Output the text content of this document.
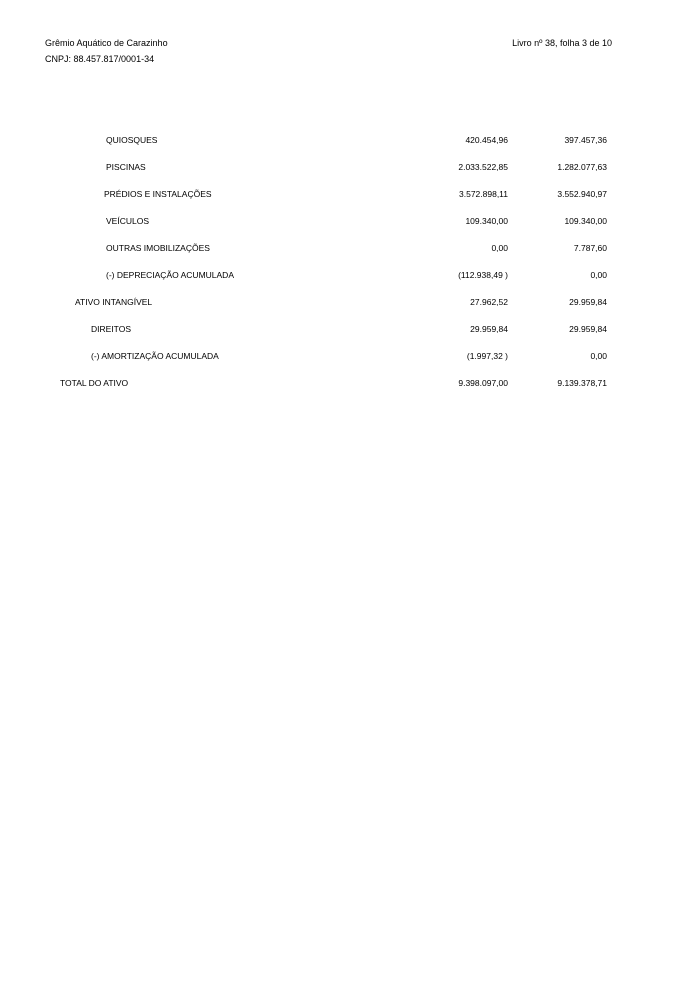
Grêmio Aquático de Carazinho
CNPJ: 88.457.817/0001-34
Livro nº 38, folha 3 de 10
QUIOSQUES	420.454,96	397.457,36
PISCINAS	2.033.522,85	1.282.077,63
PRÉDIOS E INSTALAÇÕES	3.572.898,11	3.552.940,97
VEÍCULOS	109.340,00	109.340,00
OUTRAS IMOBILIZAÇÕES	0,00	7.787,60
(-) DEPRECIAÇÃO ACUMULADA	(112.938,49 )	0,00
ATIVO INTANGÍVEL	27.962,52	29.959,84
DIREITOS	29.959,84	29.959,84
(-) AMORTIZAÇÃO ACUMULADA	(1.997,32 )	0,00
TOTAL DO ATIVO	9.398.097,00	9.139.378,71
